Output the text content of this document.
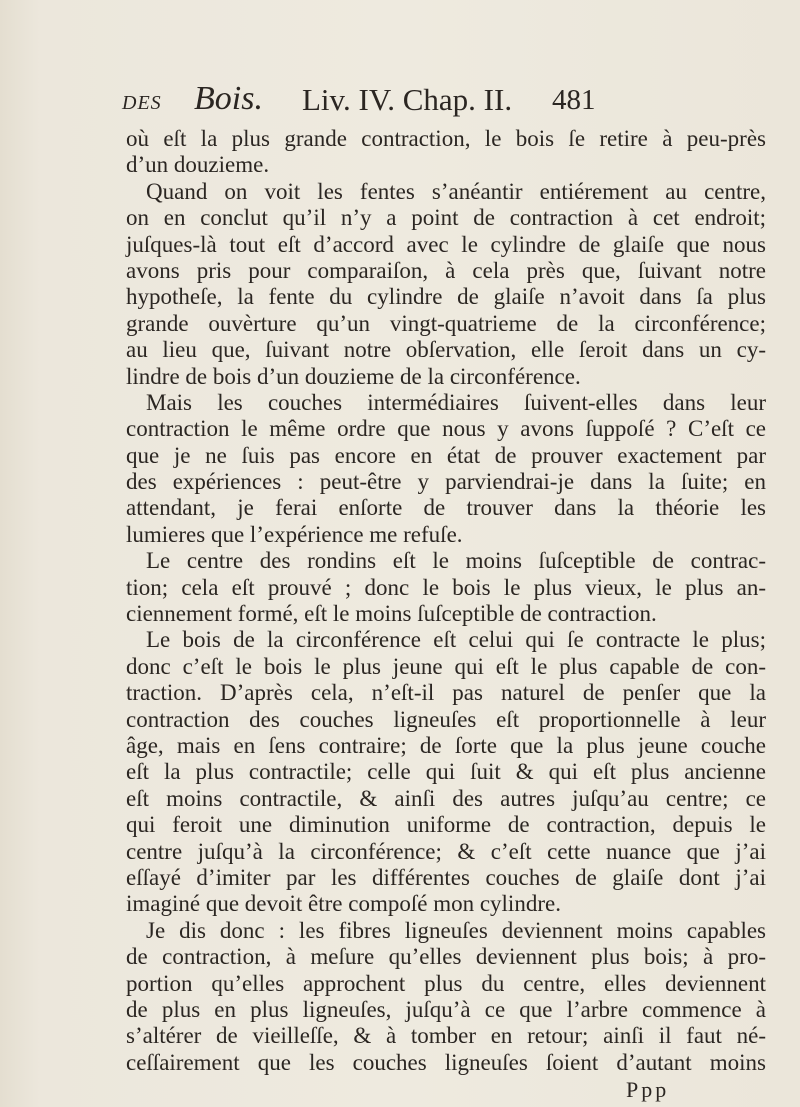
DES Bois. Liv. IV. Chap. II. 481
où eſt la plus grande contraction, le bois ſe retire à peu-près
d’un douzieme.
Quand on voit les fentes s’anéantir entiérement au centre,
on en conclut qu’il n’y a point de contraction à cet endroit;
juſques-là tout eſt d’accord avec le cylindre de glaiſe que nous
avons pris pour comparaiſon, à cela près que, ſuivant notre
hypotheſe, la fente du cylindre de glaiſe n’avoit dans ſa plus
grande ouvèrture qu’un vingt-quatrieme de la circonférence;
au lieu que, ſuivant notre obſervation, elle ſeroit dans un cy-
lindre de bois d’un douzieme de la circonférence.
Mais les couches intermédiaires ſuivent-elles dans leur
contraction le même ordre que nous y avons ſuppoſé ? C’eſt ce
que je ne ſuis pas encore en état de prouver exactement par
des expériences : peut-être y parviendrai-je dans la ſuite; en
attendant, je ferai enſorte de trouver dans la théorie les
lumieres que l’expérience me refuſe.
Le centre des rondins eſt le moins ſuſceptible de contrac-
tion; cela eſt prouvé ; donc le bois le plus vieux, le plus an-
ciennement formé, eſt le moins ſuſceptible de contraction.
Le bois de la circonférence eſt celui qui ſe contracte le plus;
donc c’eſt le bois le plus jeune qui eſt le plus capable de con-
traction. D’après cela, n’eſt-il pas naturel de penſer que la
contraction des couches ligneuſes eſt proportionnelle à leur
âge, mais en ſens contraire; de ſorte que la plus jeune couche
eſt la plus contractile; celle qui ſuit & qui eſt plus ancienne
eſt moins contractile, & ainſi des autres juſqu’au centre; ce
qui feroit une diminution uniforme de contraction, depuis le
centre juſqu’à la circonférence; & c’eſt cette nuance que j’ai
eſſayé d’imiter par les différentes couches de glaiſe dont j’ai
imaginé que devoit être compoſé mon cylindre.
Je dis donc : les fibres ligneuſes deviennent moins capables
de contraction, à meſure qu’elles deviennent plus bois; à pro-
portion qu’elles approchent plus du centre, elles deviennent
de plus en plus ligneuſes, juſqu’à ce que l’arbre commence à
s’altérer de vieilleſſe, & à tomber en retour; ainſi il faut né-
ceſſairement que les couches ligneuſes ſoient d’autant moins
Ppp
